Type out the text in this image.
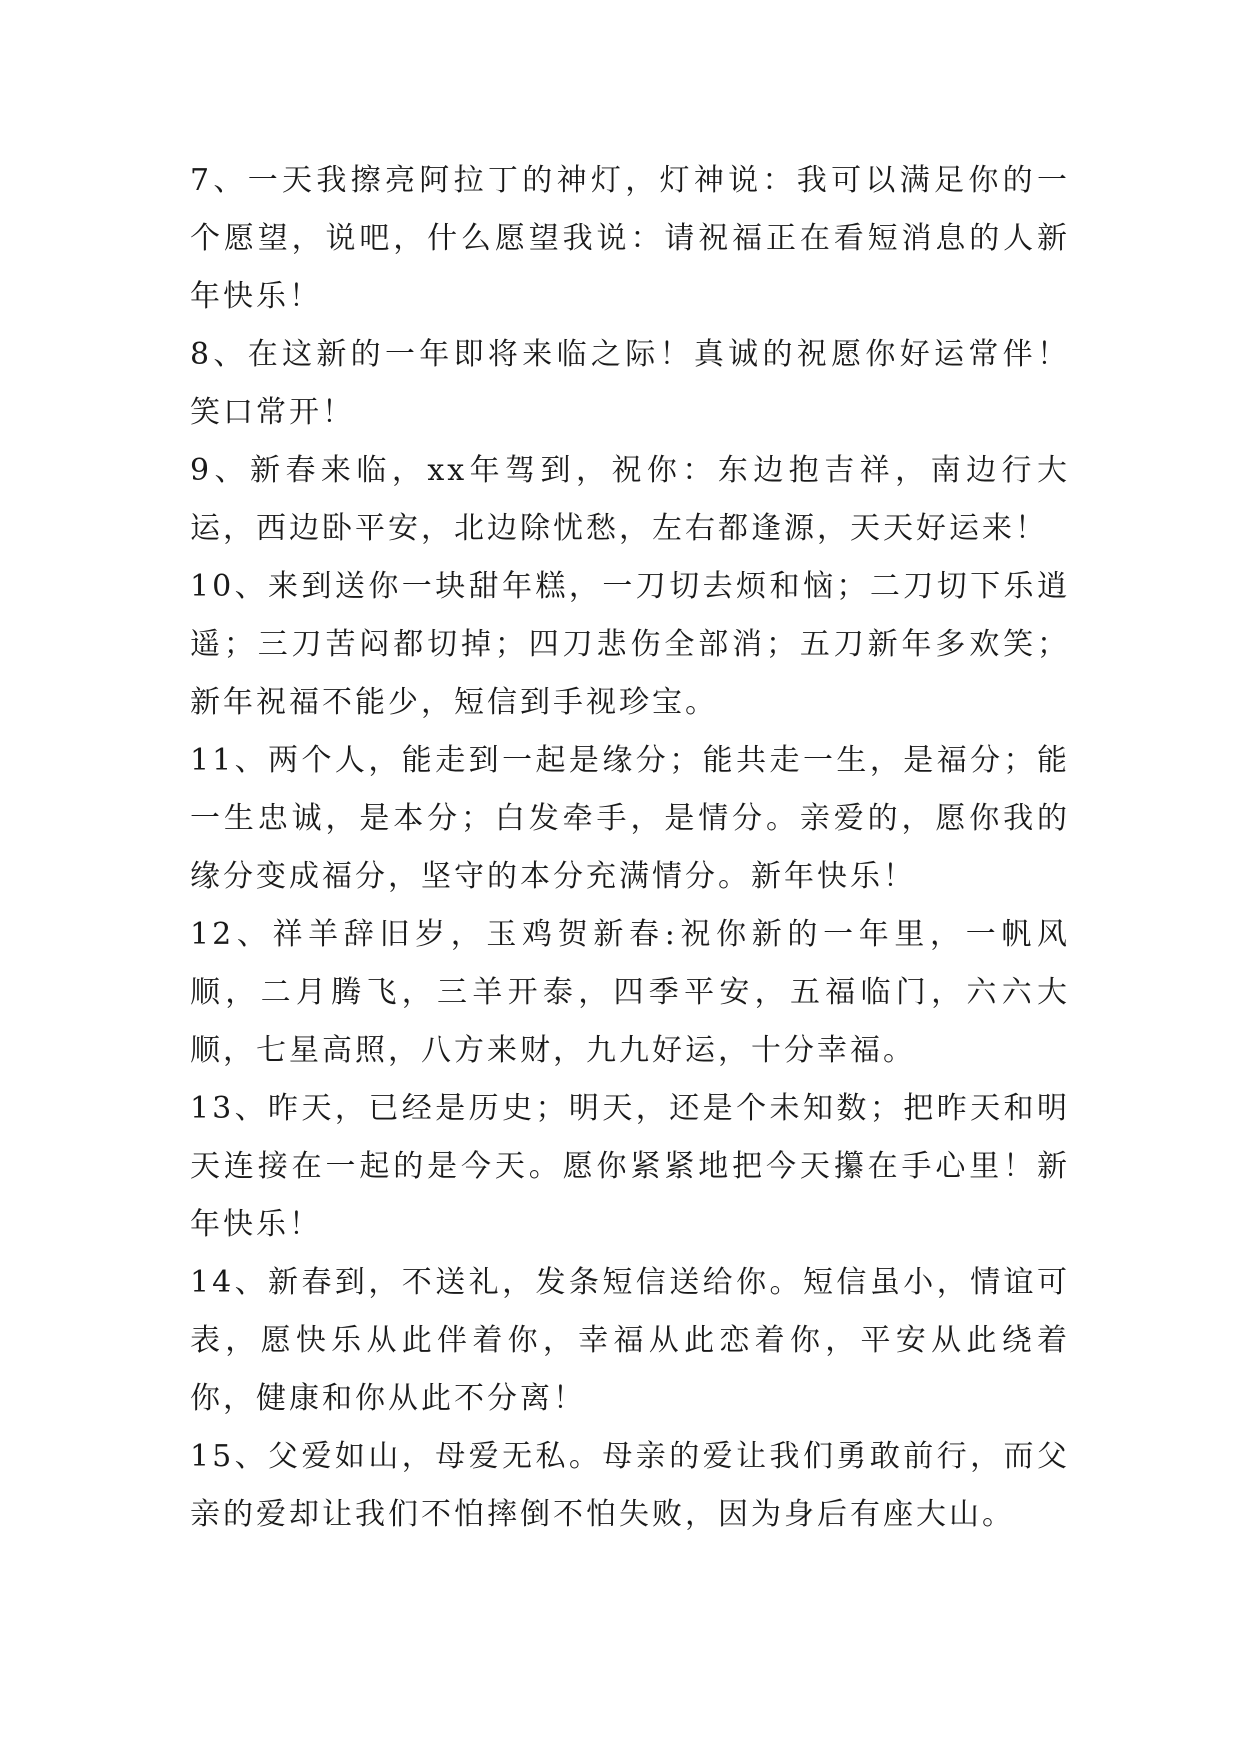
7、一天我擦亮阿拉丁的神灯，灯神说：我可以满足你的一个愿望，说吧，什么愿望我说：请祝福正在看短消息的人新年快乐！

8、在这新的一年即将来临之际！真诚的祝愿你好运常伴！笑口常开！

9、新春来临，xx年驾到，祝你：东边抱吉祥，南边行大运，西边卧平安，北边除忧愁，左右都逢源，天天好运来！

10、来到送你一块甜年糕，一刀切去烦和恼；二刀切下乐逍遥；三刀苦闷都切掉；四刀悲伤全部消；五刀新年多欢笑；新年祝福不能少，短信到手视珍宝。

11、两个人，能走到一起是缘分；能共走一生，是福分；能一生忠诚，是本分；白发牵手，是情分。亲爱的，愿你我的缘分变成福分，坚守的本分充满情分。新年快乐！

12、祥羊辞旧岁，玉鸡贺新春:祝你新的一年里，一帆风顺，二月腾飞，三羊开泰，四季平安，五福临门，六六大顺，七星高照，八方来财，九九好运，十分幸福。

13、昨天，已经是历史；明天，还是个未知数；把昨天和明天连接在一起的是今天。愿你紧紧地把今天攥在手心里！新年快乐！

14、新春到，不送礼，发条短信送给你。短信虽小，情谊可表，愿快乐从此伴着你，幸福从此恋着你，平安从此绕着你，健康和你从此不分离！

15、父爱如山，母爱无私。母亲的爱让我们勇敢前行，而父亲的爱却让我们不怕摔倒不怕失败，因为身后有座大山。
